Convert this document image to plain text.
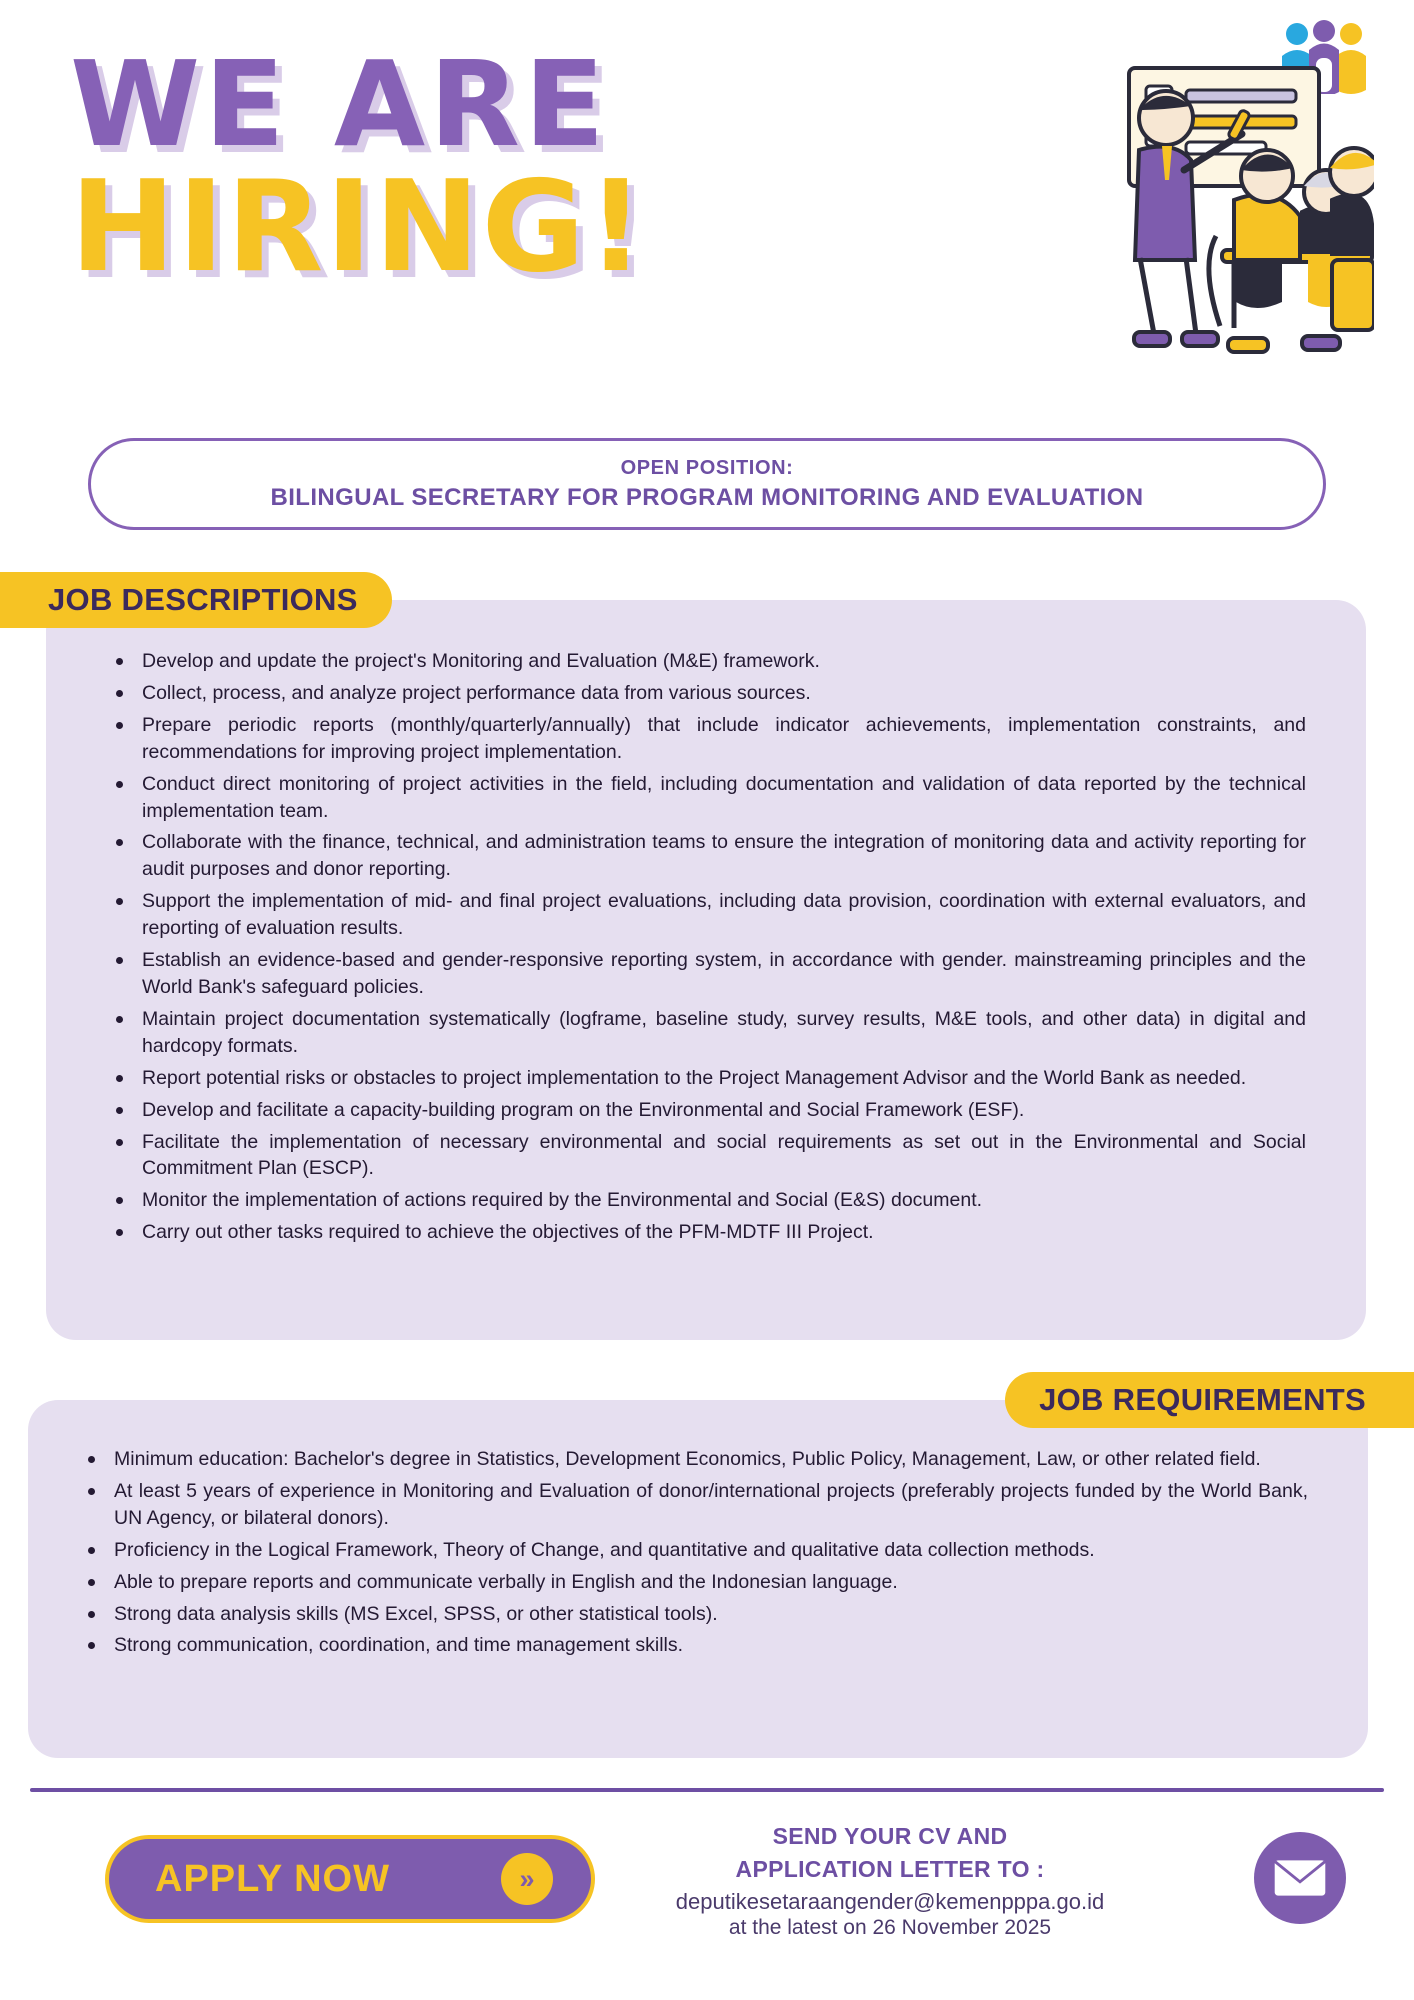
WE ARE
HIRING!
OPEN POSITION:
BILINGUAL SECRETARY FOR PROGRAM MONITORING AND EVALUATION
Develop and update the project's Monitoring and Evaluation (M&E) framework.
Collect, process, and analyze project performance data from various sources.
Prepare periodic reports (monthly/quarterly/annually) that include indicator achievements, implementation constraints, and recommendations for improving project implementation.
Conduct direct monitoring of project activities in the field, including documentation and validation of data reported by the technical implementation team.
Collaborate with the finance, technical, and administration teams to ensure the integration of monitoring data and activity reporting for audit purposes and donor reporting.
Support the implementation of mid- and final project evaluations, including data provision, coordination with external evaluators, and reporting of evaluation results.
Establish an evidence-based and gender-responsive reporting system, in accordance with gender. mainstreaming principles and the World Bank's safeguard policies.
Maintain project documentation systematically (logframe, baseline study, survey results, M&E tools, and other data) in digital and hardcopy formats.
Report potential risks or obstacles to project implementation to the Project Management Advisor and the World Bank as needed.
Develop and facilitate a capacity-building program on the Environmental and Social Framework (ESF).
Facilitate the implementation of necessary environmental and social requirements as set out in the Environmental and Social Commitment Plan (ESCP).
Monitor the implementation of actions required by the Environmental and Social (E&S) document.
Carry out other tasks required to achieve the objectives of the PFM-MDTF III Project.
JOB DESCRIPTIONS
Minimum education: Bachelor's degree in Statistics, Development Economics, Public Policy, Management, Law, or other related field.
At least 5 years of experience in Monitoring and Evaluation of donor/international projects (preferably projects funded by the World Bank, UN Agency, or bilateral donors).
Proficiency in the Logical Framework, Theory of Change, and quantitative and qualitative data collection methods.
Able to prepare reports and communicate verbally in English and the Indonesian language.
Strong data analysis skills (MS Excel, SPSS, or other statistical tools).
Strong communication, coordination, and time management skills.
JOB REQUIREMENTS
APPLY NOW	»
SEND YOUR CV AND
APPLICATION LETTER TO :
deputikesetaraangender@kemenpppa.go.id
at the latest on 26 November 2025
